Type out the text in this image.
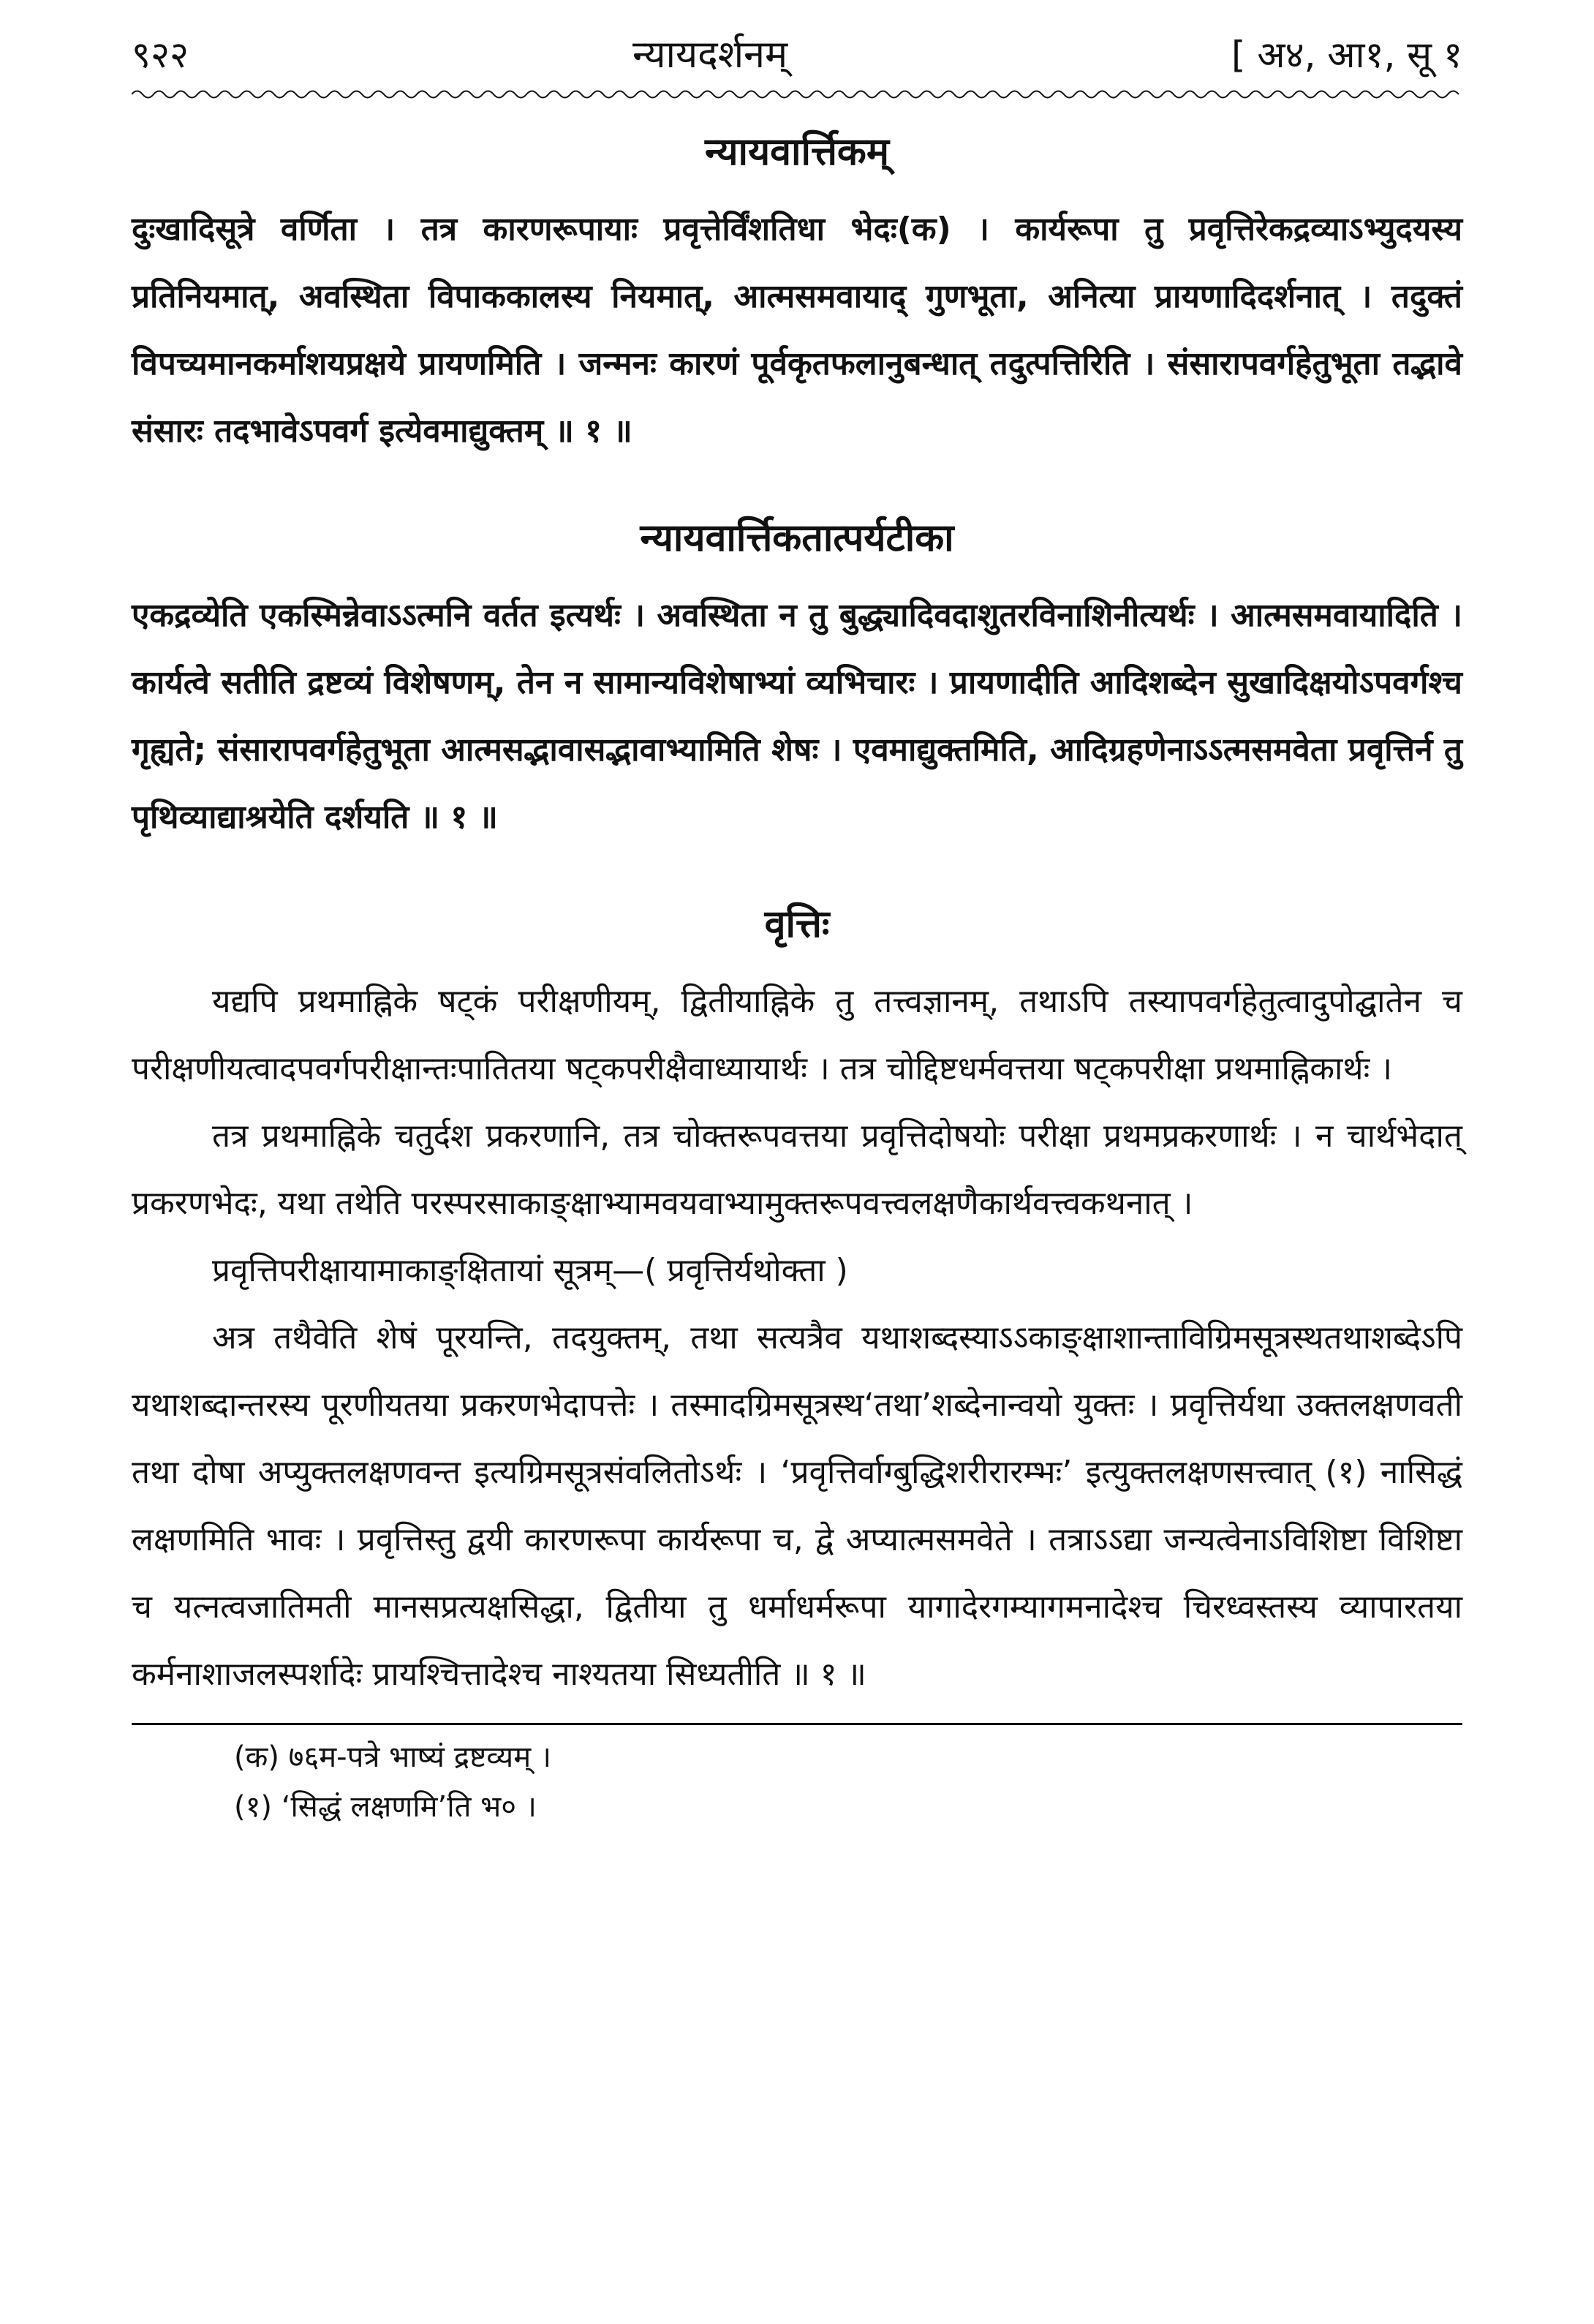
९२२	न्यायदर्शनम्	[ अ४, आ१, सू १
न्यायवार्त्तिकम्

दुःखादिसूत्रे वर्णिता । तत्र कारणरूपायाः प्रवृत्तेर्विंशतिधा भेदः(क) । कार्यरूपा तु प्रवृत्तिरेकद्रव्याऽभ्युदयस्य प्रतिनियमात्, अवस्थिता विपाककालस्य नियमात्, आत्मसमवायाद् गुणभूता, अनित्या प्रायणादिदर्शनात् । तदुक्तं विपच्यमानकर्माशयप्रक्षये प्रायणमिति । जन्मनः कारणं पूर्वकृतफलानुबन्धात् तदुत्पत्तिरिति । संसारापवर्गहेतुभूता तद्भावे संसारः तदभावेऽपवर्ग इत्येवमाद्युक्तम् ॥ १ ॥

न्यायवार्त्तिकतात्पर्यटीका

एकद्रव्येति एकस्मिन्नेवाऽऽत्मनि वर्तत इत्यर्थः । अवस्थिता न तु बुद्ध्यादिवदाशुतरविनाशिनीत्यर्थः । आत्मसमवायादिति । कार्यत्वे सतीति द्रष्टव्यं विशेषणम्, तेन न सामान्यविशेषाभ्यां व्यभिचारः । प्रायणादीति आदिशब्देन सुखादिक्षयोऽपवर्गश्च गृह्यते; संसारापवर्गहेतुभूता आत्मसद्भावासद्भावाभ्यामिति शेषः । एवमाद्युक्तमिति, आदिग्रहणेनाऽऽत्मसमवेता प्रवृत्तिर्न तु पृथिव्याद्याश्रयेति दर्शयति ॥ १ ॥

वृत्तिः

यद्यपि प्रथमाह्निके षट्कं परीक्षणीयम्, द्वितीयाह्निके तु तत्त्वज्ञानम्, तथाऽपि तस्यापवर्गहेतुत्वादुपोद्घातेन च परीक्षणीयत्वादपवर्गपरीक्षान्तःपातितया षट्कपरीक्षैवाध्यायार्थः । तत्र चोद्दिष्टधर्मवत्तया षट्कपरीक्षा प्रथमाह्निकार्थः ।

तत्र प्रथमाह्निके चतुर्दश प्रकरणानि, तत्र चोक्तरूपवत्तया प्रवृत्तिदोषयोः परीक्षा प्रथमप्रकरणार्थः । न चार्थभेदात् प्रकरणभेदः, यथा तथेति परस्परसाकाङ्क्षाभ्यामवयवाभ्यामुक्तरूपवत्त्वलक्षणैकार्थवत्त्वकथनात् ।

प्रवृत्तिपरीक्षायामाकाङ्क्षितायां सूत्रम्—( प्रवृत्तिर्यथोक्ता )

अत्र तथैवेति शेषं पूरयन्ति, तदयुक्तम्, तथा सत्यत्रैव यथाशब्दस्याऽऽकाङ्क्षाशान्ताविग्रिमसूत्रस्थतथाशब्देऽपि यथाशब्दान्तरस्य पूरणीयतया प्रकरणभेदापत्तेः । तस्मादग्रिमसूत्रस्थ‘तथा’शब्देनान्वयो युक्तः । प्रवृत्तिर्यथा उक्तलक्षणवती तथा दोषा अप्युक्तलक्षणवन्त इत्यग्रिमसूत्रसंवलितोऽर्थः । ‘प्रवृत्तिर्वाग्बुद्धिशरीरारम्भः’ इत्युक्तलक्षणसत्त्वात् (१) नासिद्धं लक्षणमिति भावः । प्रवृत्तिस्तु द्वयी कारणरूपा कार्यरूपा च, द्वे अप्यात्मसमवेते । तत्राऽऽद्या जन्यत्वेनाऽविशिष्टा विशिष्टा च यत्नत्वजातिमती मानसप्रत्यक्षसिद्धा, द्वितीया तु धर्माधर्मरूपा यागादेरगम्यागमनादेश्च चिरध्वस्तस्य व्यापारतया कर्मनाशाजलस्पर्शादेः प्रायश्चित्तादेश्च नाश्यतया सिध्यतीति ॥ १ ॥

(क) ७६म-पत्रे भाष्यं द्रष्टव्यम् ।
(१) ‘सिद्धं लक्षणमि’ति भ० ।
